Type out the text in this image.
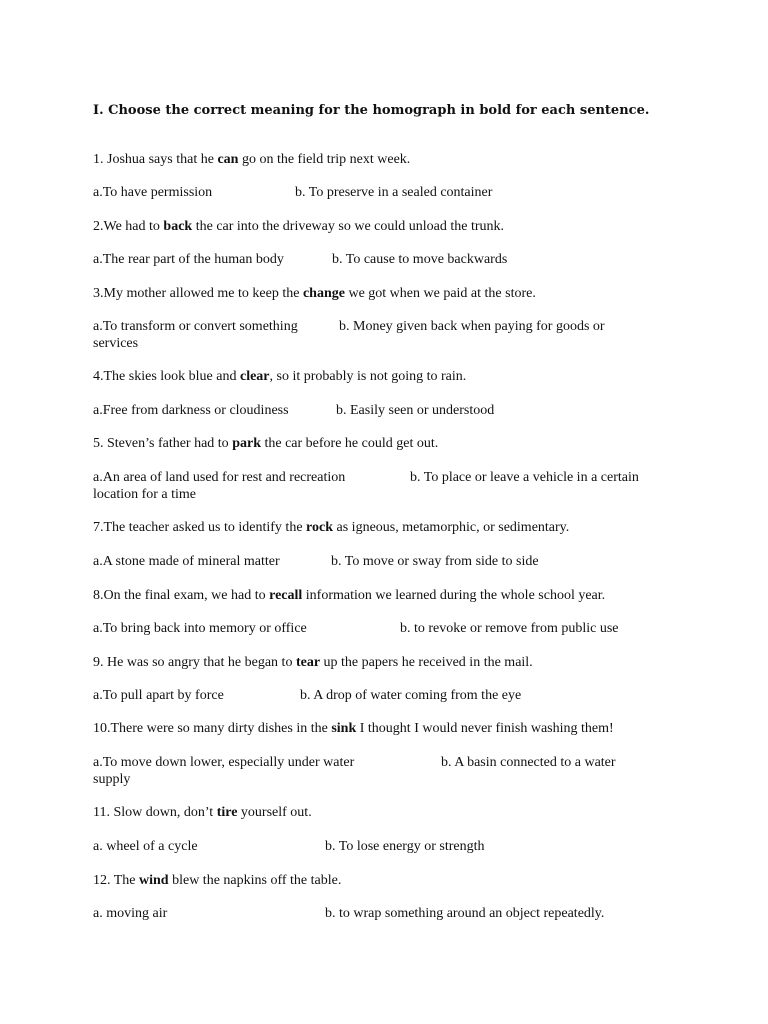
I. Choose the correct meaning for the homograph in bold for each sentence.
1. Joshua says that he can go on the field trip next week.
a.To have permission	b. To preserve in a sealed container
2.We had to back the car into the driveway so we could unload the trunk.
a.The rear part of the human body	b. To cause to move backwards
3.My mother allowed me to keep the change we got when we paid at the store.
a.To transform or convert something	b. Money given back when paying for goods or
services
4.The skies look blue and clear, so it probably is not going to rain.
a.Free from darkness or cloudiness	b. Easily seen or understood
5. Steven’s father had to park the car before he could get out.
a.An area of land used for rest and recreation	b. To place or leave a vehicle in a certain
location for a time
7.The teacher asked us to identify the rock as igneous, metamorphic, or sedimentary.
a.A stone made of mineral matter	b. To move or sway from side to side
8.On the final exam, we had to recall information we learned during the whole school year.
a.To bring back into memory or office	b. to revoke or remove from public use
9. He was so angry that he began to tear up the papers he received in the mail.
a.To pull apart by force	b. A drop of water coming from the eye
10.There were so many dirty dishes in the sink I thought I would never finish washing them!
a.To move down lower, especially under water	b. A basin connected to a water
supply
11. Slow down, don’t tire yourself out.
a. wheel of a cycle	b. To lose energy or strength
12. The wind blew the napkins off the table.
a. moving air	b. to wrap something around an object repeatedly.
